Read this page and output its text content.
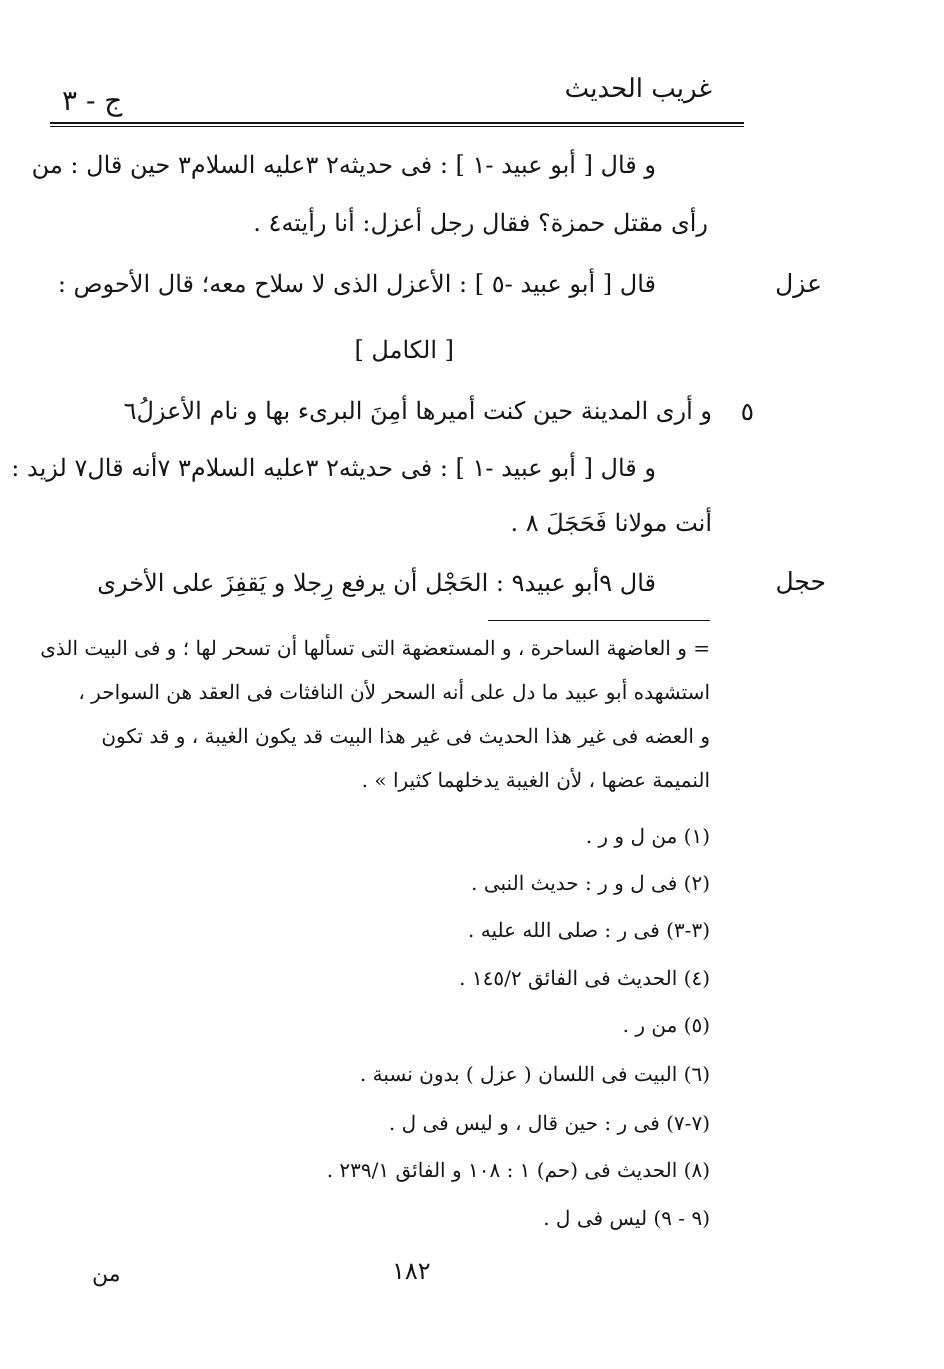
غريب الحديث
ج - ٣
و قال [ أبو عبيد -١ ] : فى حديثه٢ ٣عليه السلام٣ حين قال : من
رأى مقتل حمزة؟ فقال رجل أعزل: أنا رأيته٤ .
عزل
قال [ أبو عبيد -٥ ] : الأعزل الذى لا سلاح معه؛ قال الأحوص :
[ الكامل ]
٥
و أرى المدينة حين كنت أميرها أمِنَ البرىء بها و نام الأعزلُ٦
و قال [ أبو عبيد -١ ] : فى حديثه٢ ٣عليه السلام٣ ٧أنه قال٧ لزيد :
أنت مولانا فَحَجَلَ ٨ .
حجل
قال ٩أبو عبيد٩ : الحَجْل أن يرفع رِجلا و يَقفِزَ على الأخرى
= و العاضهة الساحرة ، و المستعضهة التى تسألها أن تسحر لها ؛ و فى البيت الذى
استشهده أبو عبيد ما دل على أنه السحر لأن النافثات فى العقد هن السواحر ،
و العضه فى غير هذا الحديث فى غير هذا البيت قد يكون الغيبة ، و قد تكون
النميمة عضها ، لأن الغيبة يدخلهما كثيرا » .
(١) من ل و ر .
(٢) فى ل و ر : حديث النبى .
(٣-٣) فى ر : صلى الله عليه .
(٤) الحديث فى الفائق ١٤٥/٢ .
(٥) من ر .
(٦) البيت فى اللسان ( عزل ) بدون نسبة .
(٧-٧) فى ر : حين قال ، و ليس فى ل .
(٨) الحديث فى (حم) ١ : ١٠٨ و الفائق ٢٣٩/١ .
(٩ - ٩) ليس فى ل .
من	١٨٢
